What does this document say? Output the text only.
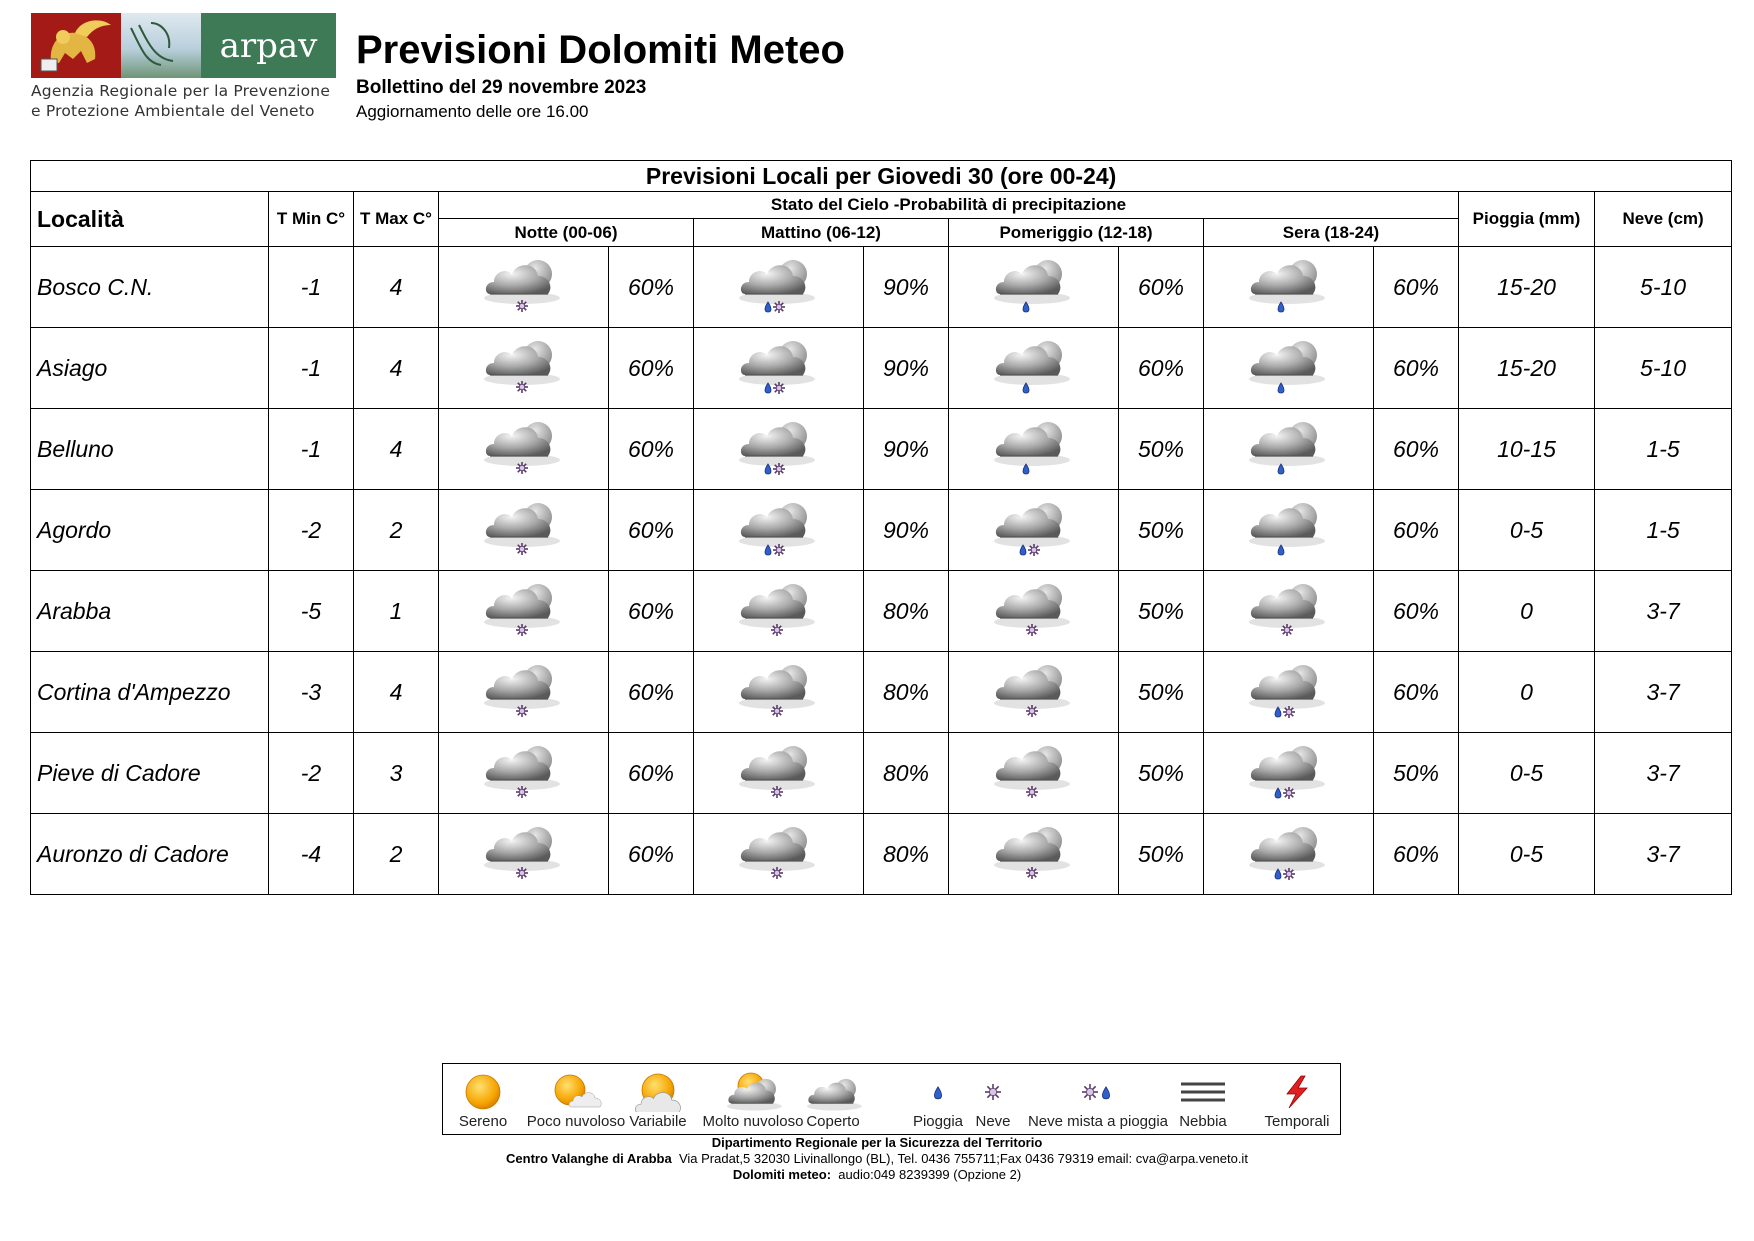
arpav
Agenzia Regionale per la Prevenzione
e Protezione Ambientale del Veneto
Previsioni Dolomiti Meteo
Bollettino del 29 novembre 2023
Aggiornamento delle ore 16.00
Previsioni Locali per Giovedi 30 (ore 00-24)												
Località	T Min C°	T Max C°	Stato del Cielo -Probabilità di precipitazione								Pioggia (mm)	Neve (cm)
			Notte (00-06)		Mattino (06-12)		Pomeriggio (12-18)		Sera (18-24)			
Bosco C.N.	-1	4		60%		90%		60%		60%	15-20	5-10
Asiago	-1	4		60%		90%		60%		60%	15-20	5-10
Belluno	-1	4		60%		90%		50%		60%	10-15	1-5
Agordo	-2	2		60%		90%		50%		60%	0-5	1-5
Arabba	-5	1		60%		80%		50%		60%	0	3-7
Cortina d'Ampezzo	-3	4		60%		80%		50%		60%	0	3-7
Pieve di Cadore	-2	3		60%		80%		50%		50%	0-5	3-7
Auronzo di Cadore	-4	2		60%		80%		50%		60%	0-5	3-7
Sereno	Poco nuvoloso Variabile	Molto nuvoloso Coperto	Pioggia Neve	Neve mista a pioggia Nebbia	Temporali
Dipartimento Regionale per la Sicurezza del Territorio
Centro Valanghe di Arabba Via Pradat,5 32030 Livinallongo (BL), Tel. 0436 755711;Fax 0436 79319 email: cva@arpa.veneto.it
Dolomiti meteo: audio:049 8239399 (Opzione 2)
